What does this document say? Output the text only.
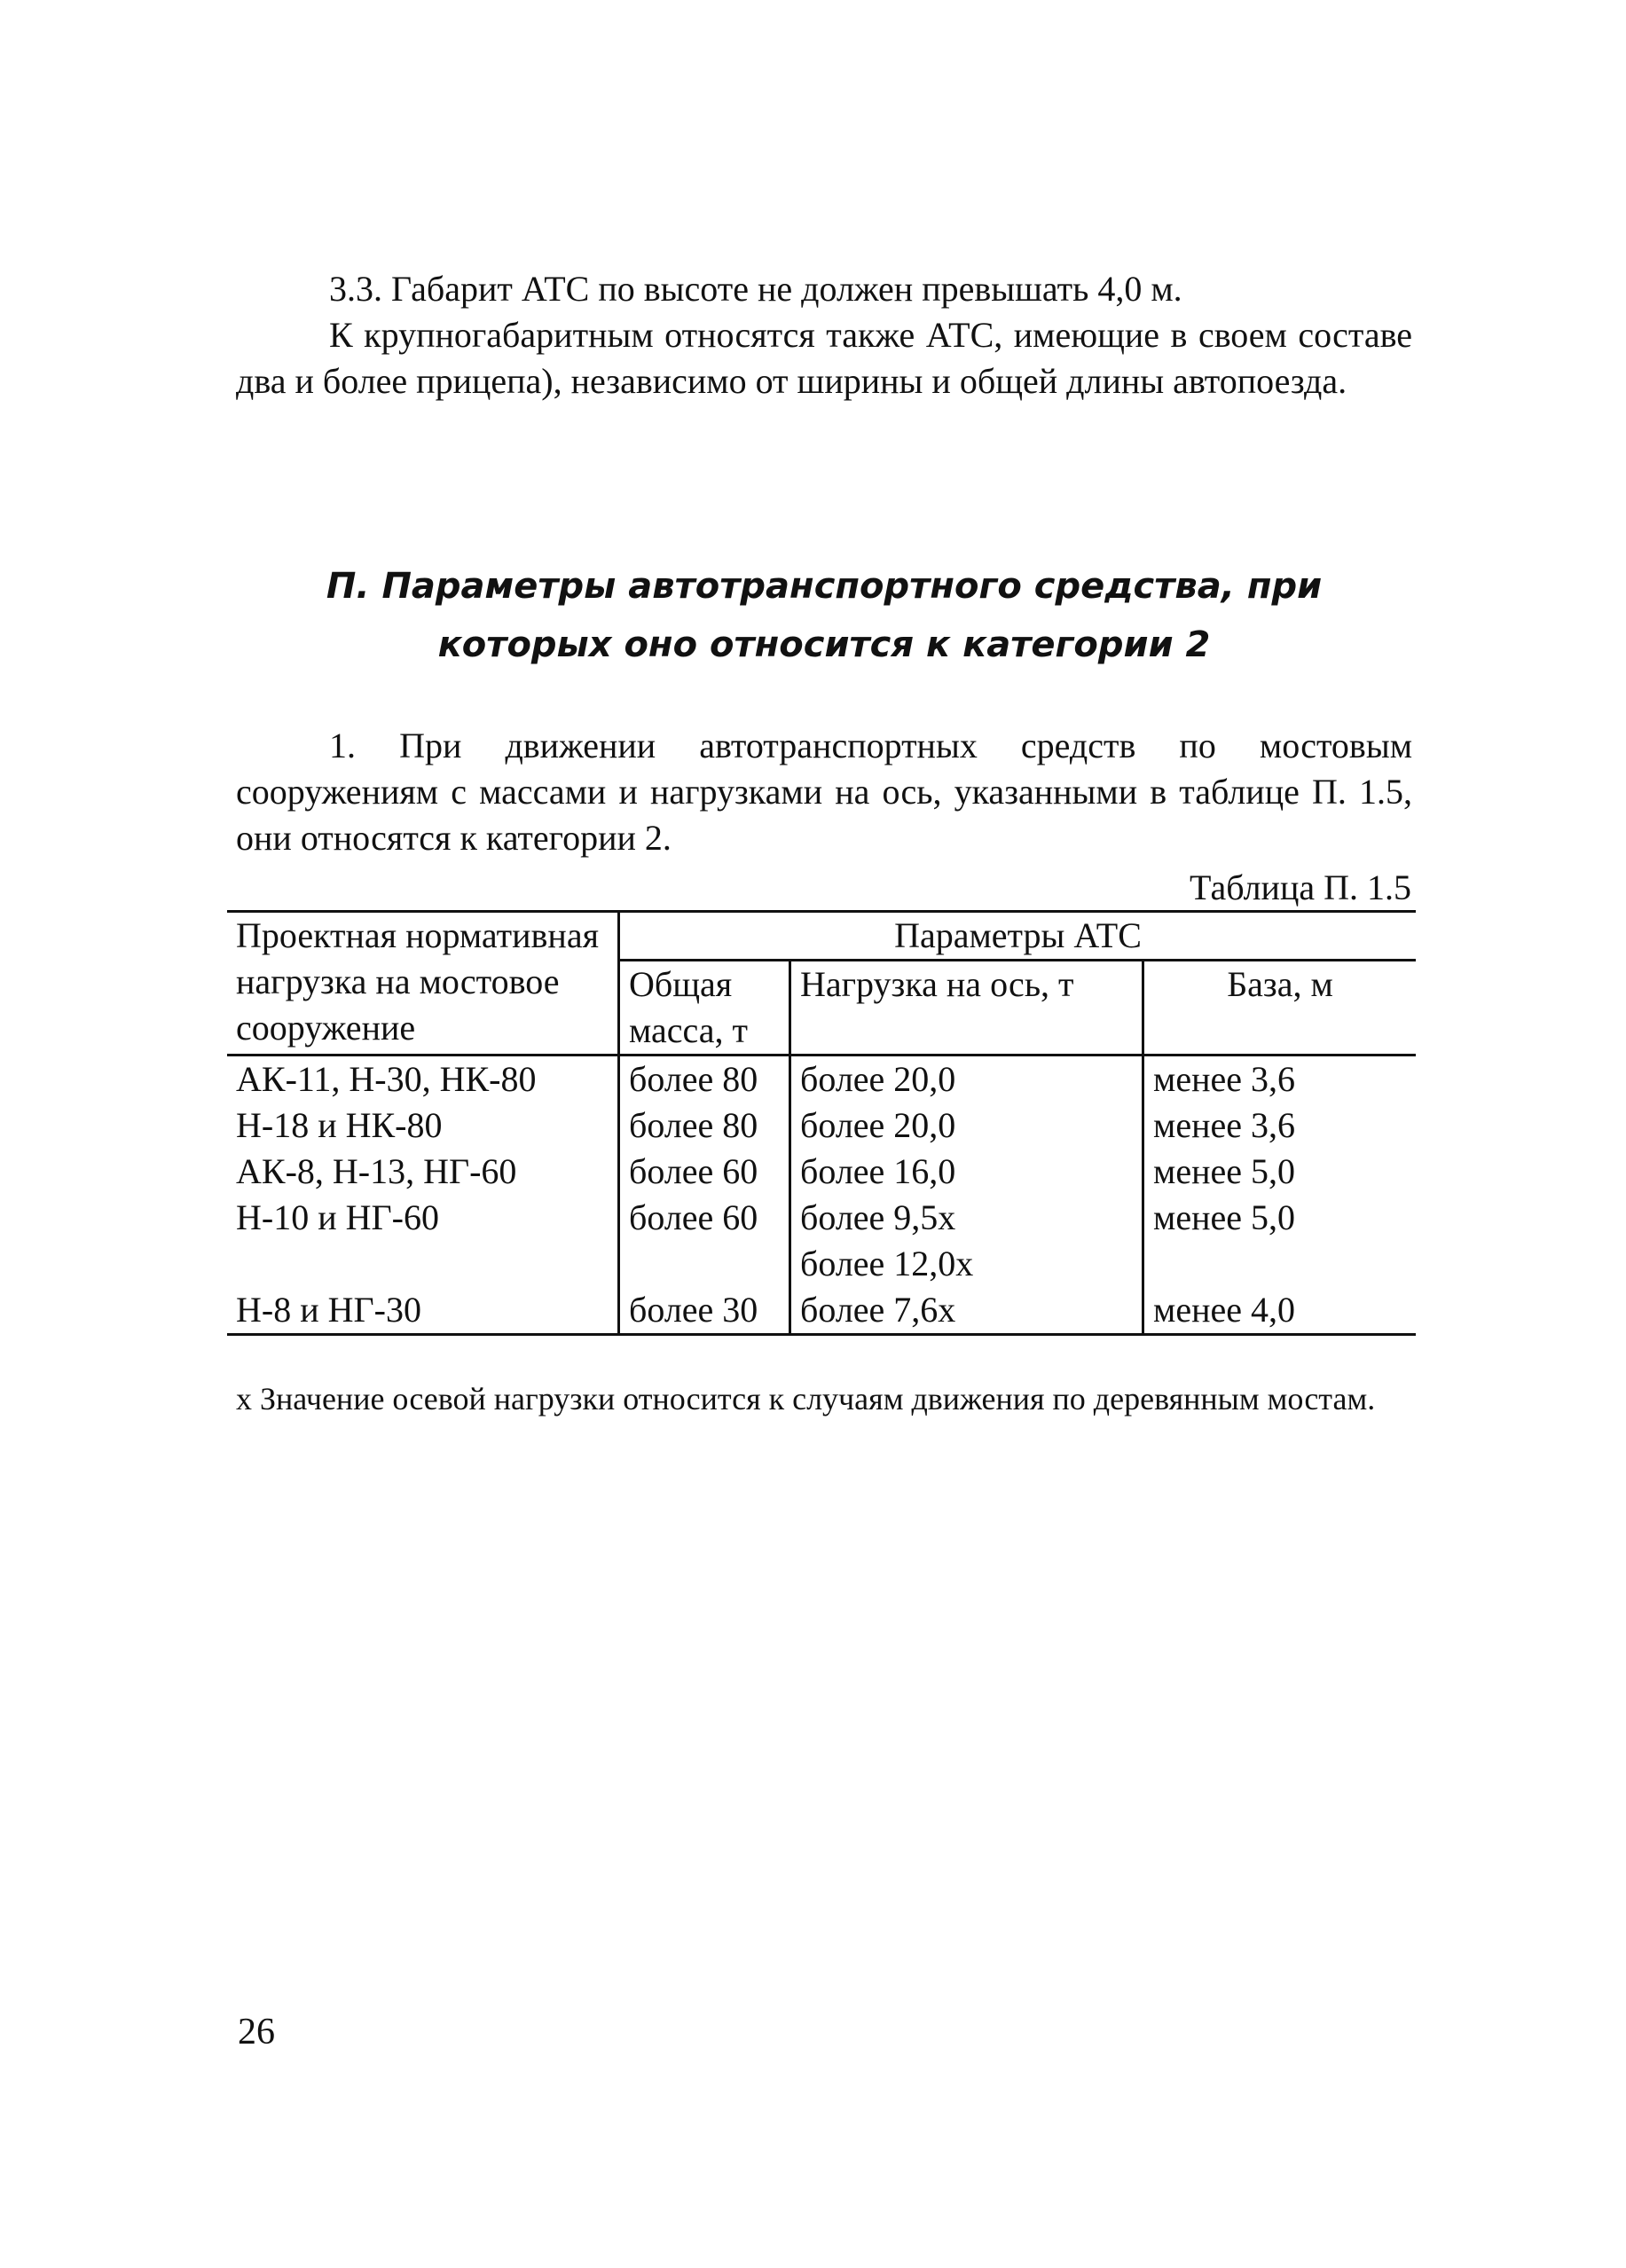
3.3. Габарит АТС по высоте не должен превышать 4,0 м.
К крупногабаритным относятся также АТС, имеющие в своем составе два и более прицепа), независимо от ширины и общей длины автопоезда.

П. Параметры автотранспортного средства, при которых оно относится к категории 2

1. При движении автотранспортных средств по мостовым сооружениям с массами и нагрузками на ось, указанными в таблице П. 1.5, они относятся к категории 2.

Таблица П. 1.5
Проектная нормативная нагрузка на мостовое сооружение	Параметры АТС		
	Общая масса, т	Нагрузка на ось, т	База, м
АК-11, Н-30, НК-80	более 80	более 20,0	менее 3,6
Н-18 и НК-80	более 80	более 20,0	менее 3,6
АК-8, Н-13, НГ-60	более 60	более 16,0	менее 5,0
Н-10 и НГ-60	более 60	более 9,5х	менее 5,0
		более 12,0х	
Н-8 и НГ-30	более 30	более 7,6х	менее 4,0

х Значение осевой нагрузки относится к случаям движения по деревянным мостам.

26
